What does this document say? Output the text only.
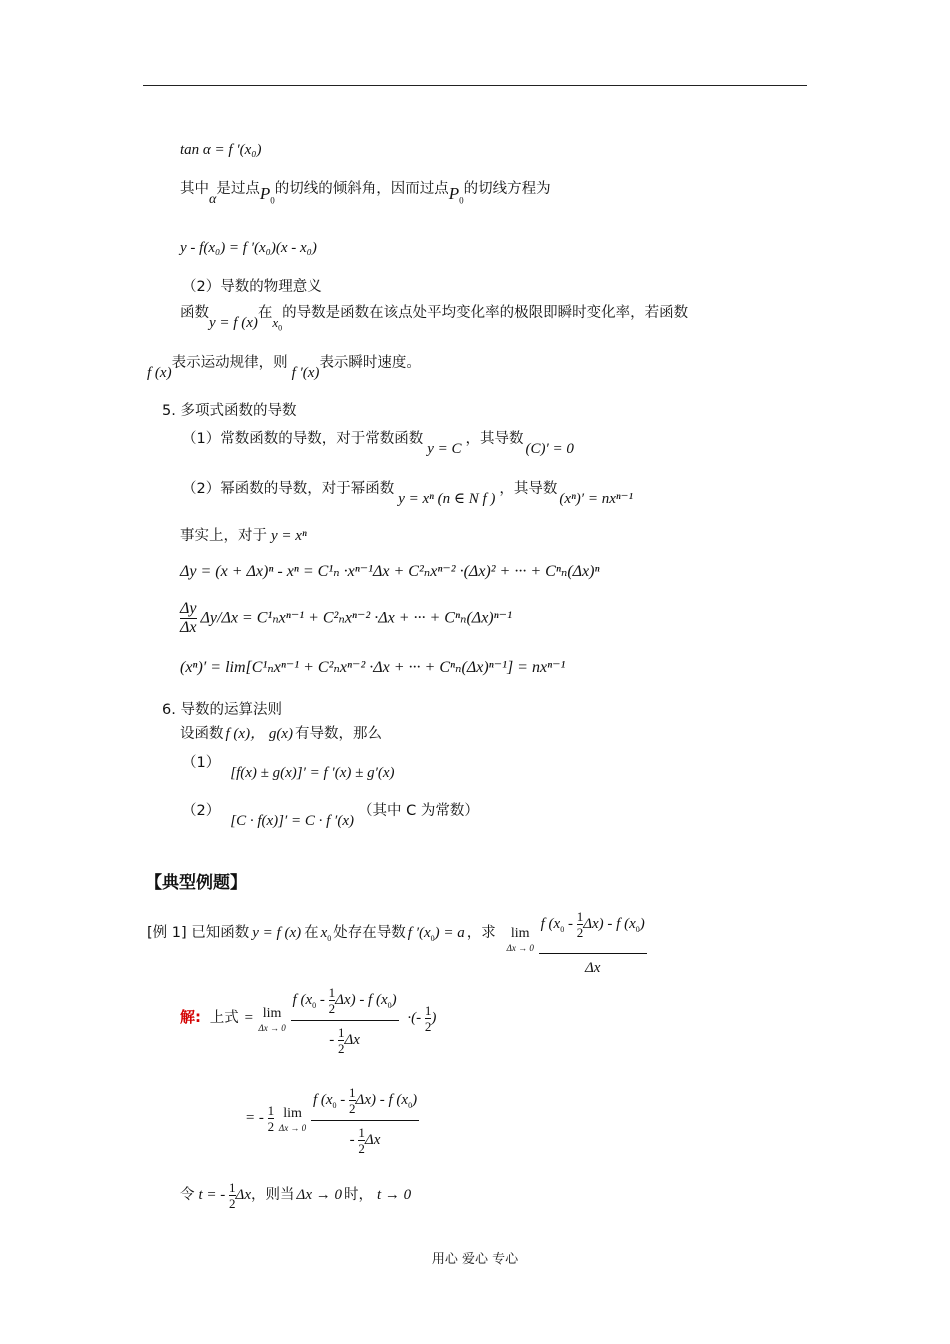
tan α = f ′(x₀)
其中α是过点$P_0$的切线的倾斜角，因而过点$P_0$的切线方程为
y - f(x₀) = f ′(x₀)(x - x₀)
（2）导数的物理意义
函数y = f (x)在$x_0$的导数是函数在该点处平均变化率的极限即瞬时变化率，若函数
f (x)表示运动规律，则f ′(x)表示瞬时速度。
5. 多项式函数的导数
（1）常数函数的导数，对于常数函数y = C，其导数(C)′ = 0
（2）幂函数的导数，对于幂函数y = xⁿ (n ∈ N f )，其导数(xⁿ)′ = nxⁿ⁻¹
事实上，对于 y = xⁿ
Δy = (x + Δx)ⁿ - xⁿ = C¹ₙ ·xⁿ⁻¹Δx + C²ₙxⁿ⁻² ·(Δx)² + ··· + Cⁿₙ(Δx)ⁿ
$\frac{\Delta y}{\Delta x} \Delta y/\Delta x = C^1_nx^{n-1} + C^2_nx^{n-2} \cdot\Delta x$ + ··· + Cⁿₙ(Δx)ⁿ⁻¹
(xⁿ)′ = lim[C¹ₙxⁿ⁻¹ + C²ₙxⁿ⁻² ·Δx + ··· + Cⁿₙ(Δx)ⁿ⁻¹] = nxⁿ⁻¹
6. 导数的运算法则
设函数 f (x)， g(x) 有导数，那么
（1）[f(x) ± g(x)]′ = f ′(x) ± g′(x)
（2）[C · f(x)]′ = C · f ′(x)（其中 C 为常数）
【典型例题】
[例 1] 已知函数 y = f (x) 在 $x_0$ 处存在导数 f $'(x_0) = a$ ，求	lim
Δx → 0
$\frac{f (x_0 - \frac{1}{2} \Delta x) - f (x_0)}{\Delta x}$
解: 上式 = lim
Δx → 0
$\frac{f (x_0 - \frac{1}{2} \Delta x) - f (x_0)}{- \frac{1}{2} \Delta x}$ ·(- $\frac{1}{2}$ )
= - $\frac{1}{2}$
lim
Δx → 0
$\frac{f (x_0 - \frac{1}{2} \Delta x) - f (x_0)}{- \frac{1}{2} \Delta x}$
令 t = - $\frac{1}{2}$ Δx，则当 Δx → 0 时， t → 0
用心 爱心 专心
